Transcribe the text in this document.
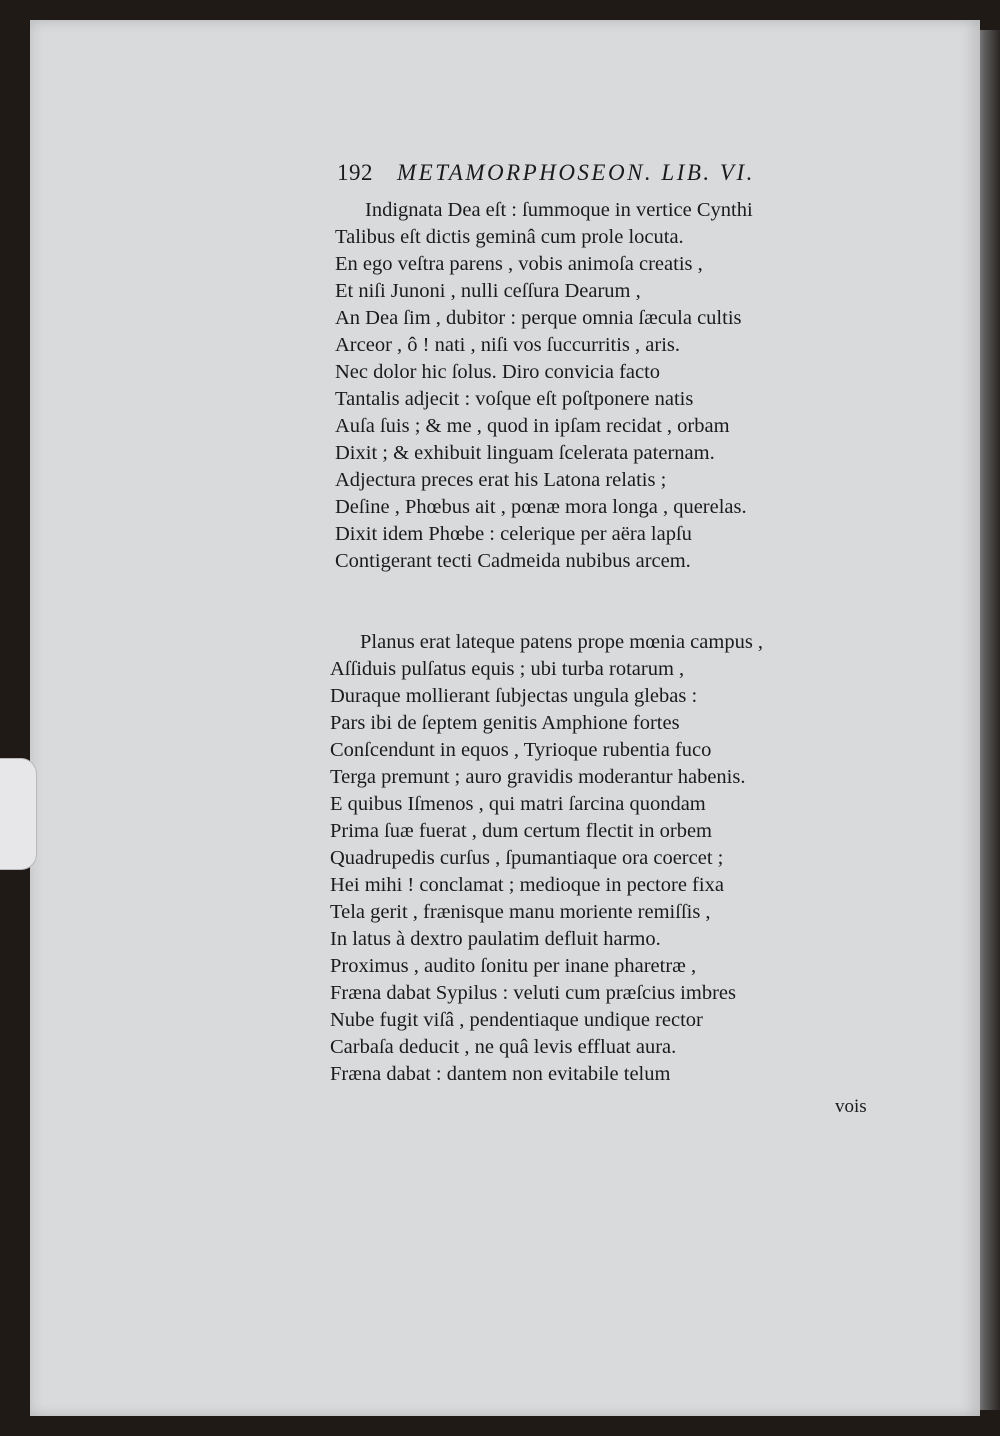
192 METAMORPHOSEON. LIB. VI.
Indignata Dea eſt : ſummoque in vertice Cynthi
Talibus eſt dictis geminâ cum prole locuta.
En ego veſtra parens , vobis animoſa creatis ,
Et niſi Junoni , nulli ceſſura Dearum ,
An Dea ſim , dubitor : perque omnia ſæcula cultis
Arceor , ô ! nati , niſi vos ſuccurritis , aris.
Nec dolor hic ſolus. Diro convicia facto
Tantalis adjecit : voſque eſt poſtponere natis
Auſa ſuis ; & me , quod in ipſam recidat , orbam
Dixit ; & exhibuit linguam ſcelerata paternam.
Adjectura preces erat his Latona relatis ;
Deſine , Phœbus ait , pœnæ mora longa , querelas.
Dixit idem Phœbe : celerique per aëra lapſu
Contigerant tecti Cadmeida nubibus arcem.
Planus erat lateque patens prope mœnia campus ,
Aſſiduis pulſatus equis ; ubi turba rotarum ,
Duraque mollierant ſubjectas ungula glebas :
Pars ibi de ſeptem genitis Amphione fortes
Conſcendunt in equos , Tyrioque rubentia fuco
Terga premunt ; auro gravidis moderantur habenis.
E quibus Iſmenos , qui matri ſarcina quondam
Prima ſuæ fuerat , dum certum flectit in orbem
Quadrupedis curſus , ſpumantiaque ora coercet ;
Hei mihi ! conclamat ; medioque in pectore fixa
Tela gerit , frænisque manu moriente remiſſis ,
In latus à dextro paulatim defluit harmo.
Proximus , audito ſonitu per inane pharetræ ,
Fræna dabat Sypilus : veluti cum præſcius imbres
Nube fugit viſâ , pendentiaque undique rector
Carbaſa deducit , ne quâ levis effluat aura.
Fræna dabat : dantem non evitabile telum
vois
